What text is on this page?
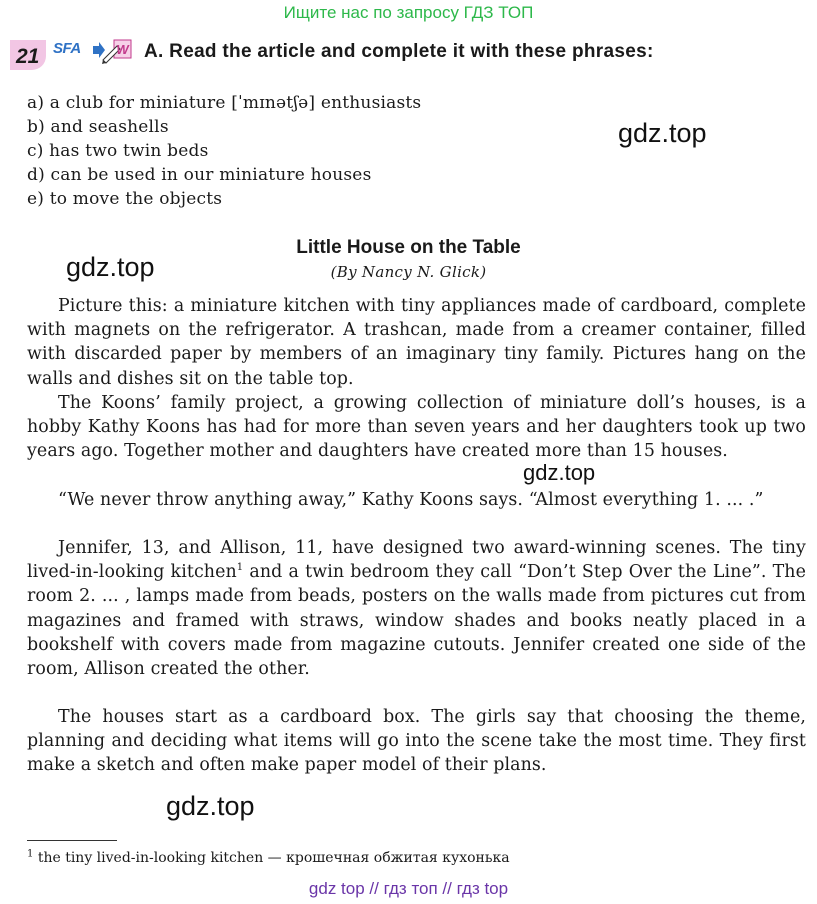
Ищите нас по запросу ГДЗ ТОП
21 SFA	W A. Read the article and complete it with these phrases:
a) a club for miniature [ˈmɪnətʃə] enthusiasts
b) and seashells
c) has two twin beds
d) can be used in our miniature houses
e) to move the objects
gdz.top
gdz.top
gdz.top
gdz.top
Little House on the Table
(By Nancy N. Glick)
Picture this: a miniature kitchen with tiny appliances made of cardboard, complete with magnets on the refrigerator. A trashcan, made from a creamer container, filled with discarded paper by members of an imaginary tiny family. Pictures hang on the walls and dishes sit on the table top.
The Koons’ family project, a growing collection of miniature doll’s houses, is a hobby Kathy Koons has had for more than seven years and her daughters took up two years ago. Together mother and daughters have created more than 15 houses.
“We never throw anything away,” Kathy Koons says. “Almost everything 1. ... .”
Jennifer, 13, and Allison, 11, have designed two award-winning scenes. The tiny lived-in-looking kitchen$^1$ and a twin bedroom they call “Don’t Step Over the Line”. The room 2. ... , lamps made from beads, posters on the walls made from pictures cut from magazines and framed with straws, window shades and books neatly placed in a bookshelf with covers made from magazine cutouts. Jennifer created one side of the room, Allison created the other.
The houses start as a cardboard box. The girls say that choosing the theme, planning and deciding what items will go into the scene take the most time. They first make a sketch and often make paper model of their plans.
$^1$ the tiny lived-in-looking kitchen — крошечная обжитая кухонька
gdz top // гдз топ // гдз top
